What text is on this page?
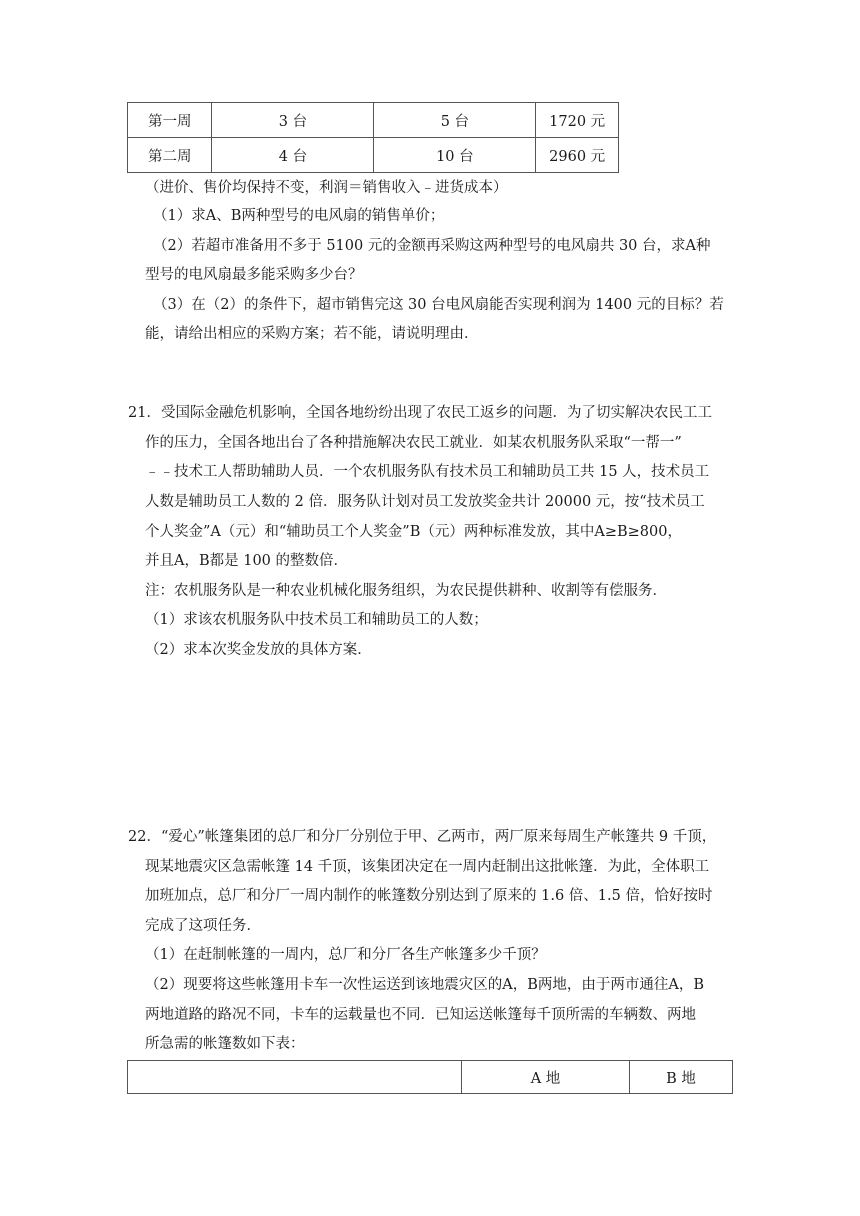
第一周	3 台	5 台	1720 元
第二周	4 台	10 台	2960 元
（进价、售价均保持不变，利润＝销售收入﹣进货成本）
（1）求A、B两种型号的电风扇的销售单价；
（2）若超市准备用不多于 5100 元的金额再采购这两种型号的电风扇共 30 台，求A种
型号的电风扇最多能采购多少台？
（3）在（2）的条件下，超市销售完这 30 台电风扇能否实现利润为 1400 元的目标？若
能，请给出相应的采购方案；若不能，请说明理由．
21．受国际金融危机影响，全国各地纷纷出现了农民工返乡的问题．为了切实解决农民工工
作的压力，全国各地出台了各种措施解决农民工就业．如某农机服务队采取“一帮一”
﹣﹣技术工人帮助辅助人员．一个农机服务队有技术员工和辅助员工共 15 人，技术员工
人数是辅助员工人数的 2 倍．服务队计划对员工发放奖金共计 20000 元，按“技术员工
个人奖金”A（元）和“辅助员工个人奖金”B（元）两种标准发放，其中A≥B≥800，
并且A，B都是 100 的整数倍．
注：农机服务队是一种农业机械化服务组织，为农民提供耕种、收割等有偿服务．
（1）求该农机服务队中技术员工和辅助员工的人数；
（2）求本次奖金发放的具体方案．
22．“爱心”帐篷集团的总厂和分厂分别位于甲、乙两市，两厂原来每周生产帐篷共 9 千顶，
现某地震灾区急需帐篷 14 千顶，该集团决定在一周内赶制出这批帐篷．为此，全体职工
加班加点，总厂和分厂一周内制作的帐篷数分别达到了原来的 1.6 倍、1.5 倍，恰好按时
完成了这项任务．
（1）在赶制帐篷的一周内，总厂和分厂各生产帐篷多少千顶？
（2）现要将这些帐篷用卡车一次性运送到该地震灾区的A，B两地，由于两市通往A，B
两地道路的路况不同，卡车的运载量也不同．已知运送帐篷每千顶所需的车辆数、两地
所急需的帐篷数如下表：
	A 地	B 地
